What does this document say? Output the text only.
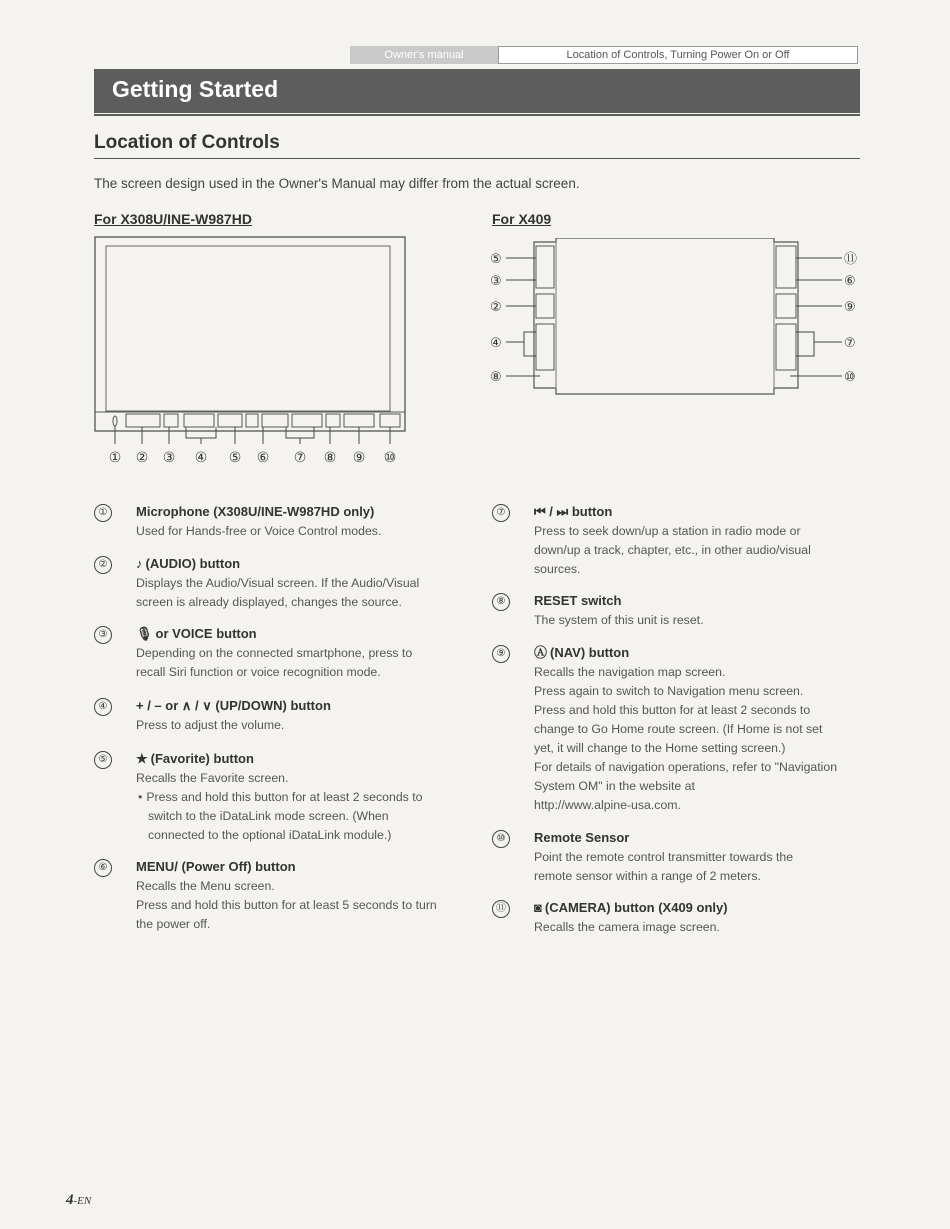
Owner's manual	Location of Controls, Turning Power On or Off
Getting Started
Location of Controls
The screen design used in the Owner's Manual may differ from the actual screen.
For X308U/INE-W987HD	For X409
① ② ③ ④ ⑤ ⑥ ⑦ ⑧ ⑨ ⑩
⑤
③
②
④
⑧
⑪
⑥
⑨
⑦
⑩
①	Microphone (X308U/INE-W987HD only)
Used for Hands-free or Voice Control modes.
②	♪ (AUDIO) button
Displays the Audio/Visual screen. If the Audio/Visual
screen is already displayed, changes the source.
③	🎙 or VOICE button
Depending on the connected smartphone, press to
recall Siri function or voice recognition mode.
④	+ / – or ∧ / ∨ (UP/DOWN) button
Press to adjust the volume.
⑤	★ (Favorite) button
Recalls the Favorite screen.
• Press and hold this button for at least 2 seconds to
switch to the iDataLink mode screen. (When
connected to the optional iDataLink module.)
⑥	MENU/ (Power Off) button
Recalls the Menu screen.
Press and hold this button for at least 5 seconds to turn
the power off.
⑦	⏮ / ⏭ button
Press to seek down/up a station in radio mode or
down/up a track, chapter, etc., in other audio/visual
sources.
⑧	RESET switch
The system of this unit is reset.
⑨	Ⓐ (NAV) button
Recalls the navigation map screen.
Press again to switch to Navigation menu screen.
Press and hold this button for at least 2 seconds to
change to Go Home route screen. (If Home is not set
yet, it will change to the Home setting screen.)
For details of navigation operations, refer to "Navigation
System OM" in the website at
http://www.alpine-usa.com.
⑩	Remote Sensor
Point the remote control transmitter towards the
remote sensor within a range of 2 meters.
⑪	◙ (CAMERA) button (X409 only)
Recalls the camera image screen.
4-EN
